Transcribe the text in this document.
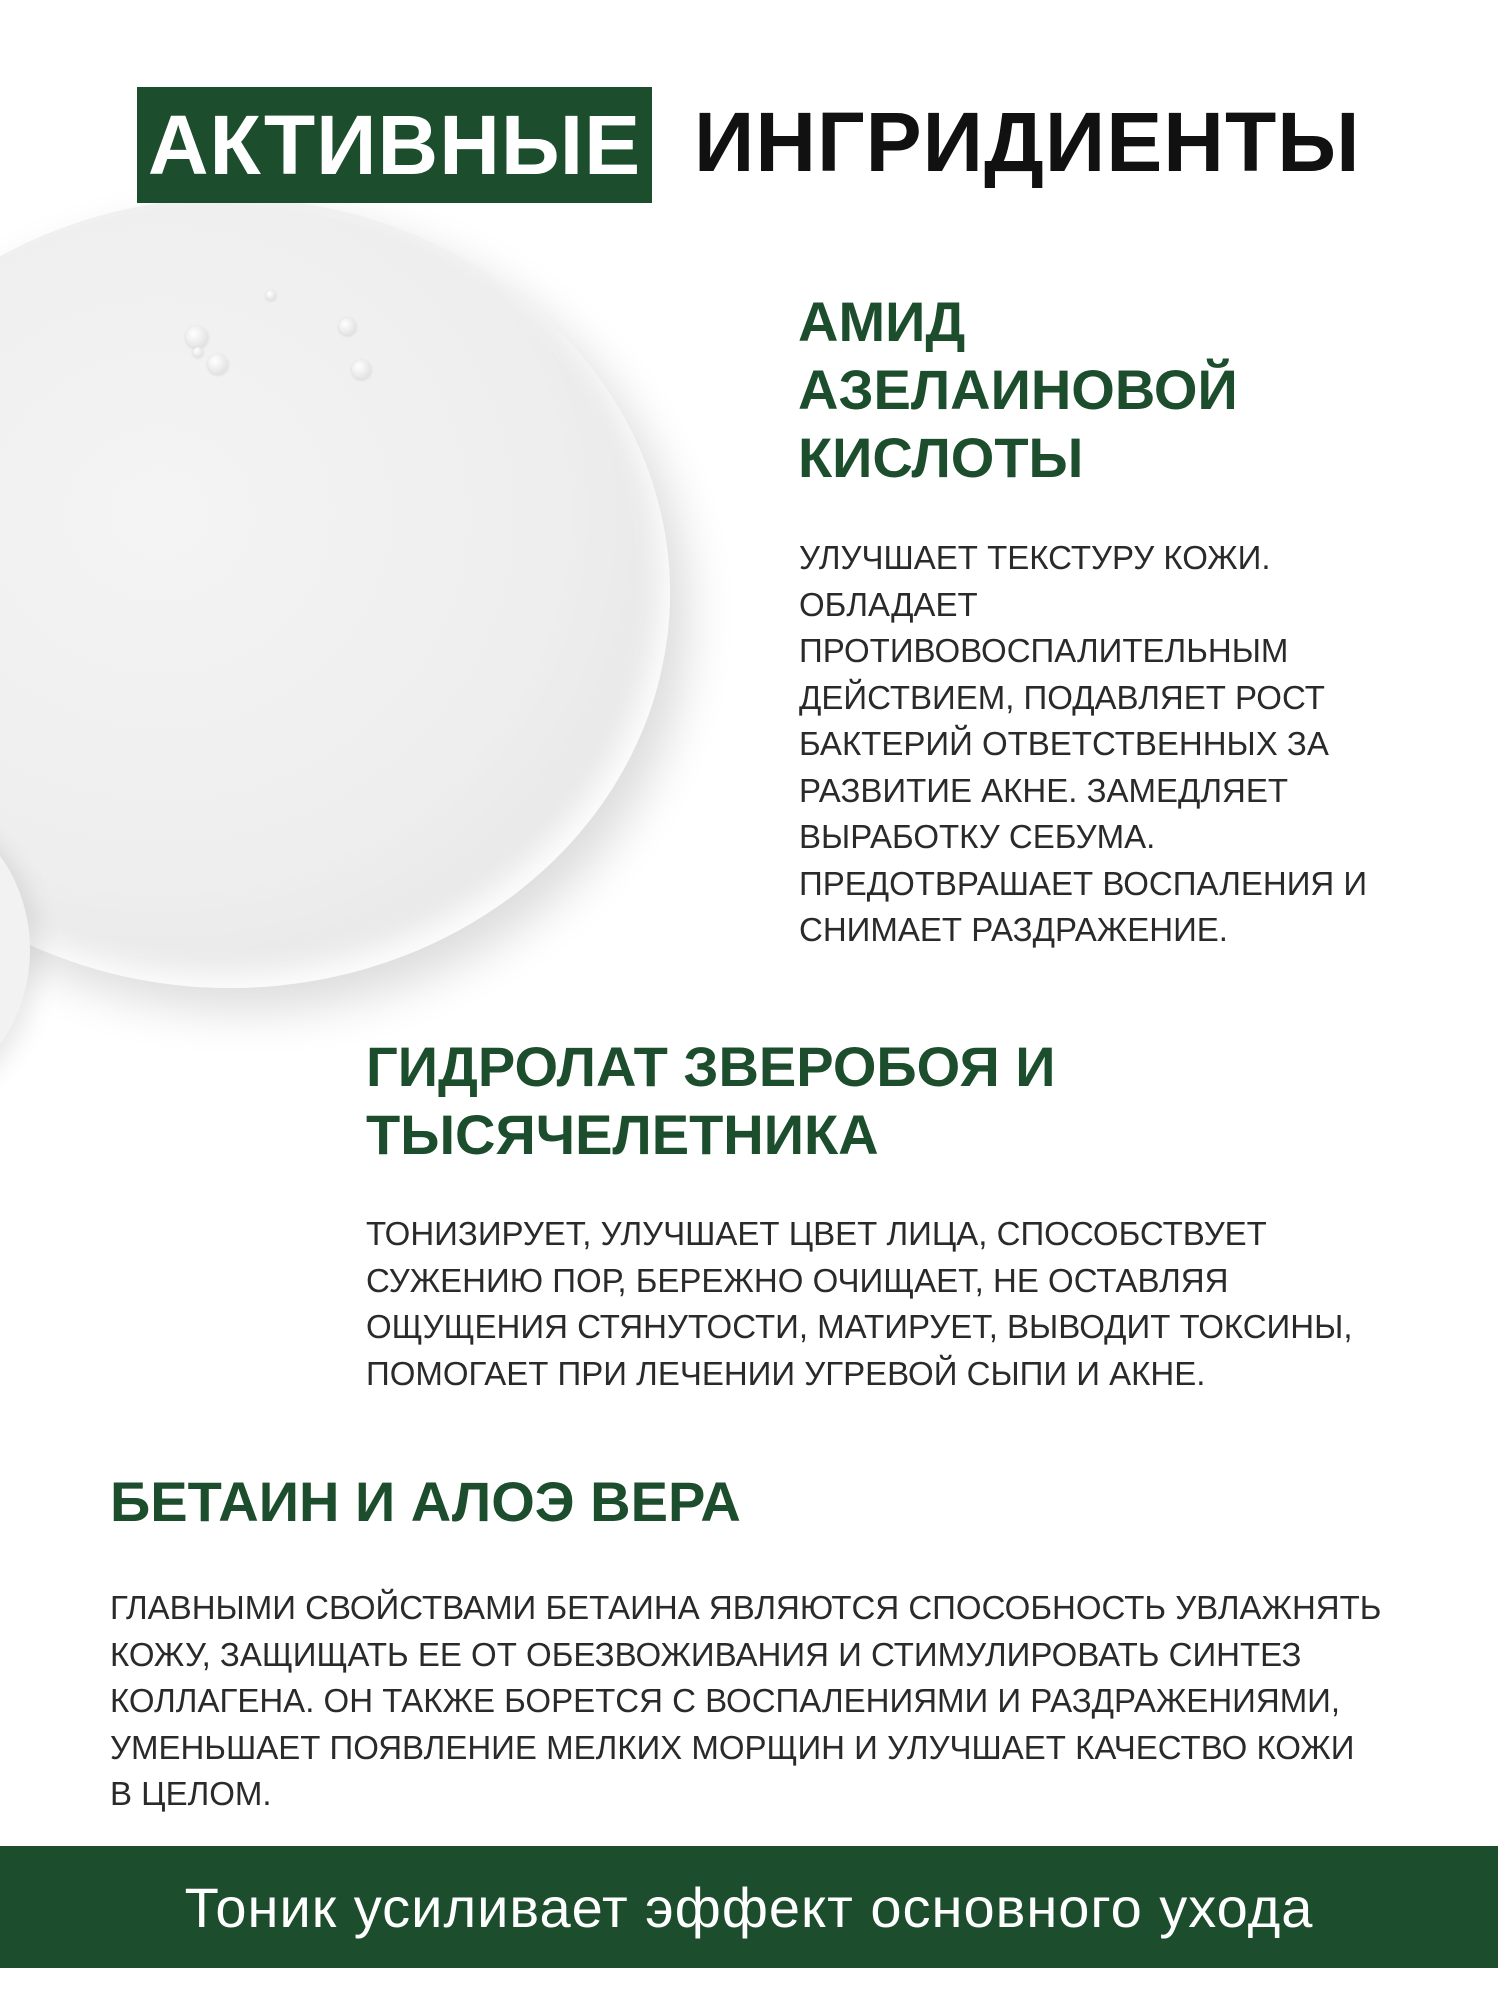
АКТИВНЫЕ ИНГРИДИЕНТЫ
АМИД
АЗЕЛАИНОВОЙ
КИСЛОТЫ

УЛУЧШАЕТ ТЕКСТУРУ КОЖИ.
ОБЛАДАЕТ
ПРОТИВОВОСПАЛИТЕЛЬНЫМ
ДЕЙСТВИЕМ, ПОДАВЛЯЕТ РОСТ
БАКТЕРИЙ ОТВЕТСТВЕННЫХ ЗА
РАЗВИТИЕ АКНЕ. ЗАМЕДЛЯЕТ
ВЫРАБОТКУ СЕБУМА.
ПРЕДОТВРАШАЕТ ВОСПАЛЕНИЯ И
СНИМАЕТ РАЗДРАЖЕНИЕ.

ГИДРОЛАТ ЗВЕРОБОЯ И
ТЫСЯЧЕЛЕТНИКА

ТОНИЗИРУЕТ, УЛУЧШАЕТ ЦВЕТ ЛИЦА, СПОСОБСТВУЕТ
СУЖЕНИЮ ПОР, БЕРЕЖНО ОЧИЩАЕТ, НЕ ОСТАВЛЯЯ
ОЩУЩЕНИЯ СТЯНУТОСТИ, МАТИРУЕТ, ВЫВОДИТ ТОКСИНЫ,
ПОМОГАЕТ ПРИ ЛЕЧЕНИИ УГРЕВОЙ СЫПИ И АКНЕ.

БЕТАИН И АЛОЭ ВЕРА

ГЛАВНЫМИ СВОЙСТВАМИ БЕТАИНА ЯВЛЯЮТСЯ СПОСОБНОСТЬ УВЛАЖНЯТЬ
КОЖУ, ЗАЩИЩАТЬ ЕЕ ОТ ОБЕЗВОЖИВАНИЯ И СТИМУЛИРОВАТЬ СИНТЕЗ
КОЛЛАГЕНА. ОН ТАКЖЕ БОРЕТСЯ С ВОСПАЛЕНИЯМИ И РАЗДРАЖЕНИЯМИ,
УМЕНЬШАЕТ ПОЯВЛЕНИЕ МЕЛКИХ МОРЩИН И УЛУЧШАЕТ КАЧЕСТВО КОЖИ
В ЦЕЛОМ.

Тоник усиливает эффект основного ухода
